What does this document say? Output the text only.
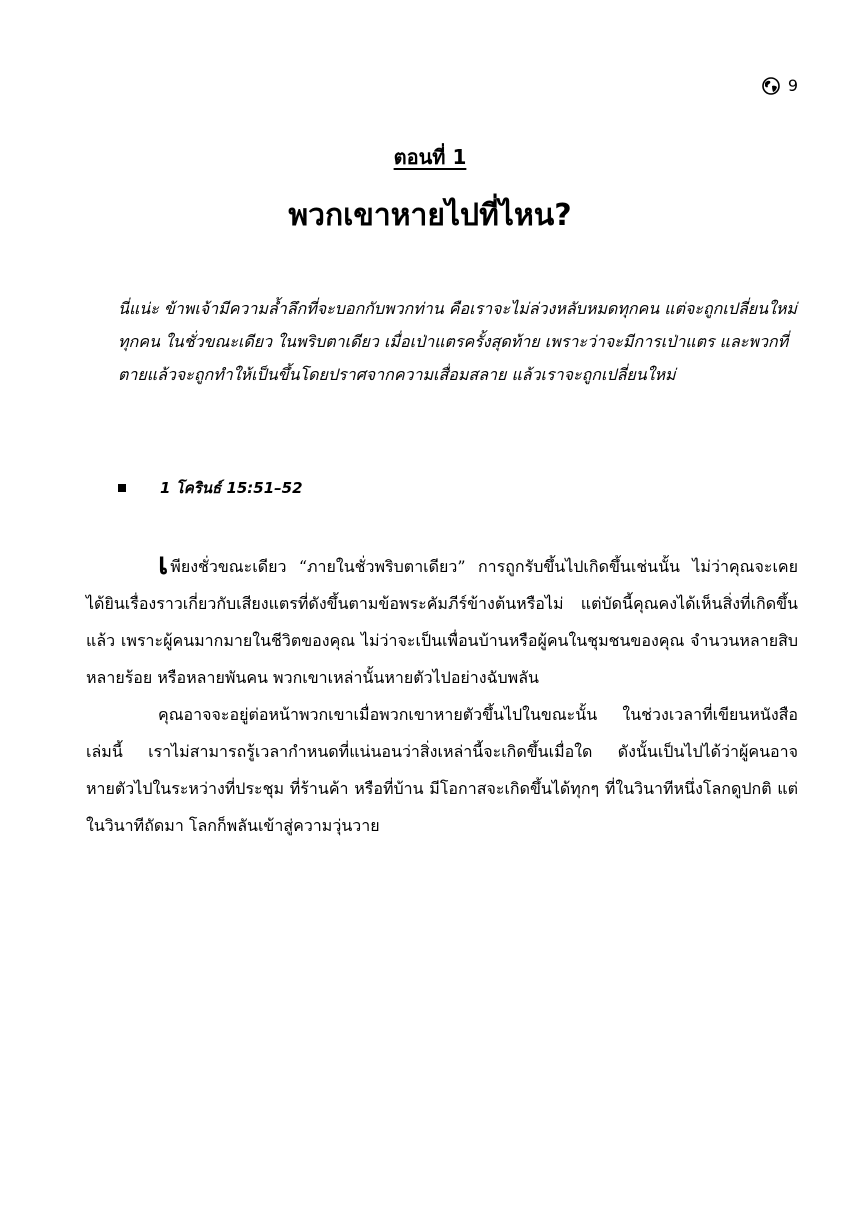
9
ตอนที่ 1
พวกเขาหายไปที่ไหน?
นี่แน่ะ ข้าพเจ้ามีความล้ำลึกที่จะบอกกับพวกท่าน คือเราจะไม่ล่วงหลับหมดทุกคน แต่จะถูกเปลี่ยนใหม่ทุกคน ในชั่วขณะเดียว ในพริบตาเดียว เมื่อเป่าแตรครั้งสุดท้าย เพราะว่าจะมีการเป่าแตร และพวกที่ตายแล้วจะถูกทำให้เป็นขึ้นโดยปราศจากความเสื่อมสลาย แล้วเราจะถูกเปลี่ยนใหม่
1 โครินธ์ 15:51–52

เพียงชั่วขณะเดียว “ภายในชั่วพริบตาเดียว” การถูกรับขึ้นไปเกิดขึ้นเช่นนั้น ไม่ว่าคุณจะเคยได้ยินเรื่องราวเกี่ยวกับเสียงแตรที่ดังขึ้นตามข้อพระคัมภีร์ข้างต้นหรือไม่ แต่บัดนี้คุณคงได้เห็นสิ่งที่เกิดขึ้นแล้ว เพราะผู้คนมากมายในชีวิตของคุณ ไม่ว่าจะเป็นเพื่อนบ้านหรือผู้คนในชุมชนของคุณ จำนวนหลายสิบ หลายร้อย หรือหลายพันคน พวกเขาเหล่านั้นหายตัวไปอย่างฉับพลัน

คุณอาจจะอยู่ต่อหน้าพวกเขาเมื่อพวกเขาหายตัวขึ้นไปในขณะนั้น ในช่วงเวลาที่เขียนหนังสือเล่มนี้ เราไม่สามารถรู้เวลากำหนดที่แน่นอนว่าสิ่งเหล่านี้จะเกิดขึ้นเมื่อใด ดังนั้นเป็นไปได้ว่าผู้คนอาจหายตัวไปในระหว่างที่ประชุม ที่ร้านค้า หรือที่บ้าน มีโอกาสจะเกิดขึ้นได้ทุกๆ ที่ในวินาทีหนึ่งโลกดูปกติ แต่ในวินาทีถัดมา โลกก็พลันเข้าสู่ความวุ่นวาย
